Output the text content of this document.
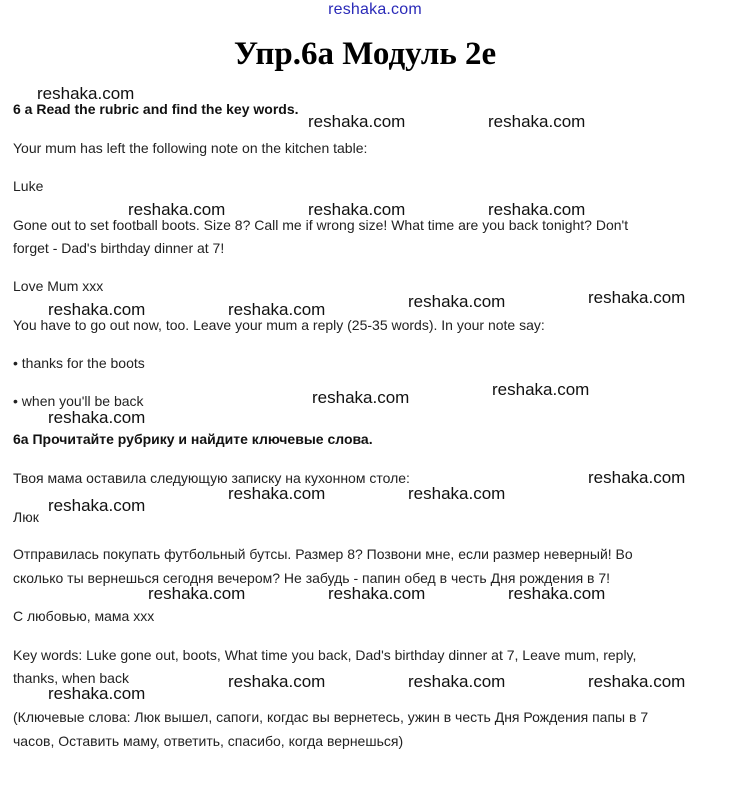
reshaka.com
Упр.6а Модуль 2е
6 a Read the rubric and find the key words.
Your mum has left the following note on the kitchen table:
Luke
Gone out to set football boots. Size 8? Call me if wrong size! What time are you back tonight? Don't
forget - Dad's birthday dinner at 7!
Love Mum xxx
You have to go out now, too. Leave your mum a reply (25-35 words). In your note say:
• thanks for the boots
• when you'll be back
6а Прочитайте рубрику и найдите ключевые слова.
Твоя мама оставила следующую записку на кухонном столе:
Люк
Отправилась покупать футбольный бутсы. Размер 8? Позвони мне, если размер неверный! Во
сколько ты вернешься сегодня вечером? Не забудь - папин обед в честь Дня рождения в 7!
С любовью, мама ххх
Key words: Luke gone out, boots, What time you back, Dad's birthday dinner at 7, Leave mum, reply,
thanks, when back
(Ключевые слова: Люк вышел, сапоги, когдас вы вернетесь, ужин в честь Дня Рождения папы в 7
часов, Оставить маму, ответить, спасибо, когда вернешься)
reshaka.com
reshaka.com	reshaka.com
reshaka.com	reshaka.com	reshaka.com
reshaka.com	reshaka.com	reshaka.com	reshaka.com
reshaka.com	reshaka.com
reshaka.com
reshaka.com
reshaka.com	reshaka.com
reshaka.com
reshaka.com	reshaka.com	reshaka.com
reshaka.com	reshaka.com	reshaka.com
reshaka.com
